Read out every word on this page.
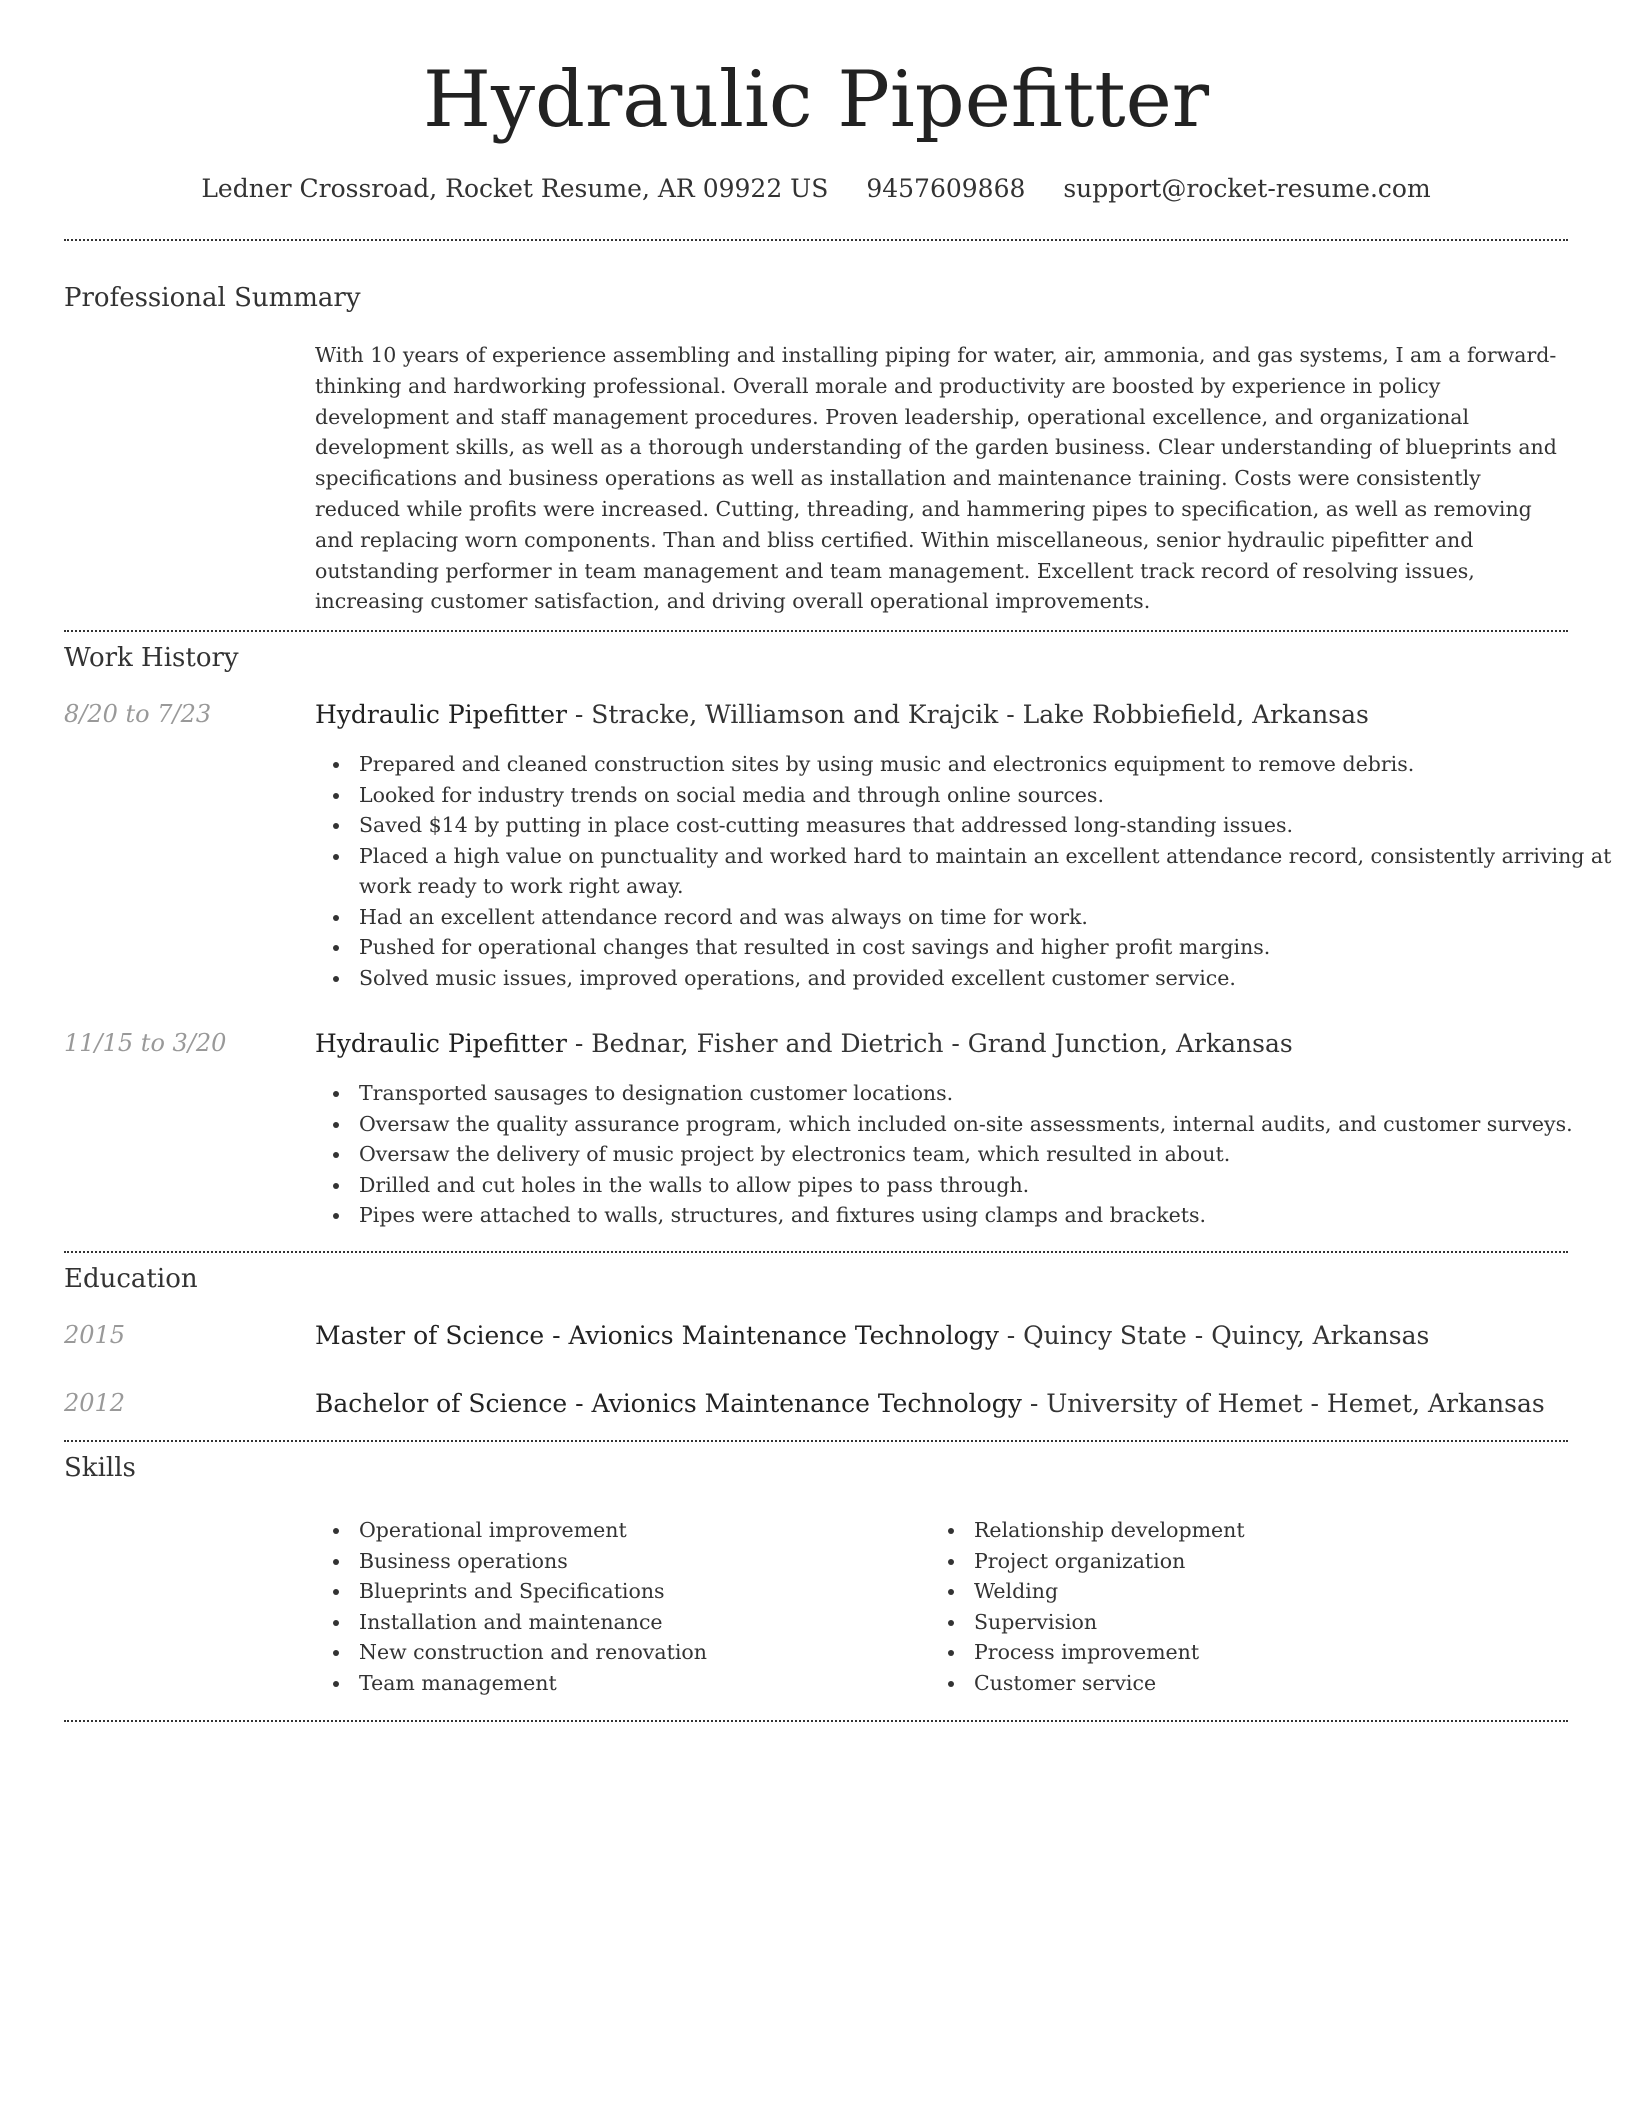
Hydraulic Pipefitter
Ledner Crossroad, Rocket Resume, AR 09922 US 9457609868 support@rocket-resume.com
Professional Summary

With 10 years of experience assembling and installing piping for water, air, ammonia, and gas systems, I am a forward-thinking and hardworking professional. Overall morale and productivity are boosted by experience in policy development and staff management procedures. Proven leadership, operational excellence, and organizational development skills, as well as a thorough understanding of the garden business. Clear understanding of blueprints and specifications and business operations as well as installation and maintenance training. Costs were consistently reduced while profits were increased. Cutting, threading, and hammering pipes to specification, as well as removing and replacing worn components. Than and bliss certified. Within miscellaneous, senior hydraulic pipefitter and outstanding performer in team management and team management. Excellent track record of resolving issues, increasing customer satisfaction, and driving overall operational improvements.

Work History
8/20 to 7/23	Hydraulic Pipefitter - Stracke, Williamson and Krajcik - Lake Robbiefield, Arkansas
Prepared and cleaned construction sites by using music and electronics equipment to remove debris.
Looked for industry trends on social media and through online sources.
Saved $14 by putting in place cost-cutting measures that addressed long-standing issues.
Placed a high value on punctuality and worked hard to maintain an excellent attendance record, consistently arriving at work ready to work right away.
Had an excellent attendance record and was always on time for work.
Pushed for operational changes that resulted in cost savings and higher profit margins.
Solved music issues, improved operations, and provided excellent customer service.
11/15 to 3/20	Hydraulic Pipefitter - Bednar, Fisher and Dietrich - Grand Junction, Arkansas
Transported sausages to designation customer locations.
Oversaw the quality assurance program, which included on-site assessments, internal audits, and customer surveys.
Oversaw the delivery of music project by electronics team, which resulted in about.
Drilled and cut holes in the walls to allow pipes to pass through.
Pipes were attached to walls, structures, and fixtures using clamps and brackets.
Education
2015	Master of Science - Avionics Maintenance Technology - Quincy State - Quincy, Arkansas
2012	Bachelor of Science - Avionics Maintenance Technology - University of Hemet - Hemet, Arkansas
Skills
Operational improvement
Business operations
Blueprints and Specifications
Installation and maintenance
New construction and renovation
Team management
Relationship development
Project organization
Welding
Supervision
Process improvement
Customer service
